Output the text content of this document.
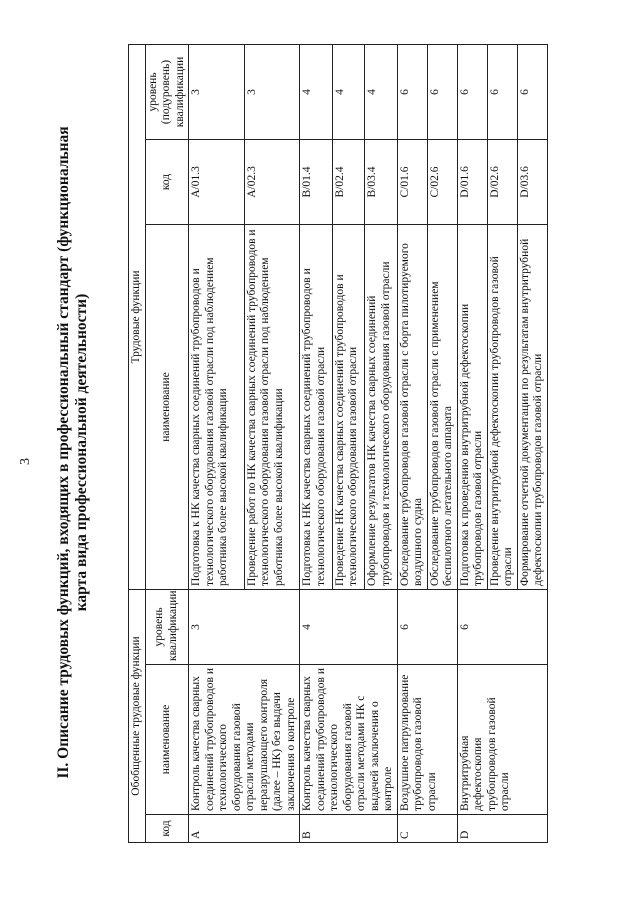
3 II. Описание трудовых функций, входящих в профессиональный стандарт (функциональная карта вида профессиональной деятельности)
Обобщенные трудовые функции			Трудовые функции		
код	наименование	уровень квалификации	наименование	код	уровень (подуровень) квалификации
A	Контроль качества сварных соединений трубопроводов и технологического оборудования газовой отрасли методами неразрушающего контроля (далее – НК) без выдачи заключения о контроле	3	Подготовка к НК качества сварных соединений трубопроводов и технологического оборудования газовой отрасли под наблюдением работника более высокой квалификации	A/01.3	3
			Проведение работ по НК качества сварных соединений трубопроводов и технологического оборудования газовой отрасли под наблюдением работника более высокой квалификации	A/02.3	3
B	Контроль качества сварных соединений трубопроводов и технологического оборудования газовой отрасли методами НК с выдачей заключения о контроле	4	Подготовка к НК качества сварных соединений трубопроводов и технологического оборудования газовой отрасли	B/01.4	4
			Проведение НК качества сварных соединений трубопроводов и технологического оборудования газовой отрасли	B/02.4	4
			Оформление результатов НК качества сварных соединений трубопроводов и технологического оборудования газовой отрасли	B/03.4	4
C	Воздушное патрулирование трубопроводов газовой отрасли	6	Обследование трубопроводов газовой отрасли с борта пилотируемого воздушного судна	C/01.6	6
			Обследование трубопроводов газовой отрасли с применением беспилотного летательного аппарата	C/02.6	6
D	Внутритрубная дефектоскопия трубопроводов газовой отрасли	6	Подготовка к проведению внутритрубной дефектоскопии трубопроводов газовой отрасли	D/01.6	6
			Проведение внутритрубной дефектоскопии трубопроводов газовой отрасли	D/02.6	6
			Формирование отчетной документации по результатам внутритрубной дефектоскопии трубопроводов газовой отрасли	D/03.6	6
